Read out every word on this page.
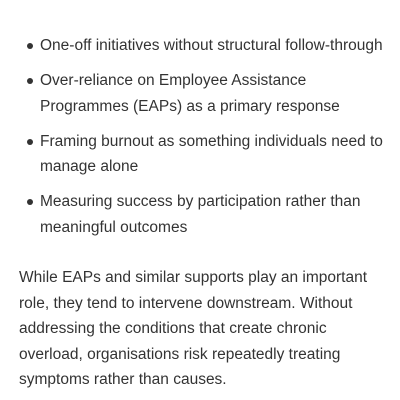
One-off initiatives without structural follow-through
Over-reliance on Employee Assistance Programmes (EAPs) as a primary response
Framing burnout as something individuals need to manage alone
Measuring success by participation rather than meaningful outcomes

While EAPs and similar supports play an important role, they tend to intervene downstream. Without addressing the conditions that create chronic overload, organisations risk repeatedly treating symptoms rather than causes.
